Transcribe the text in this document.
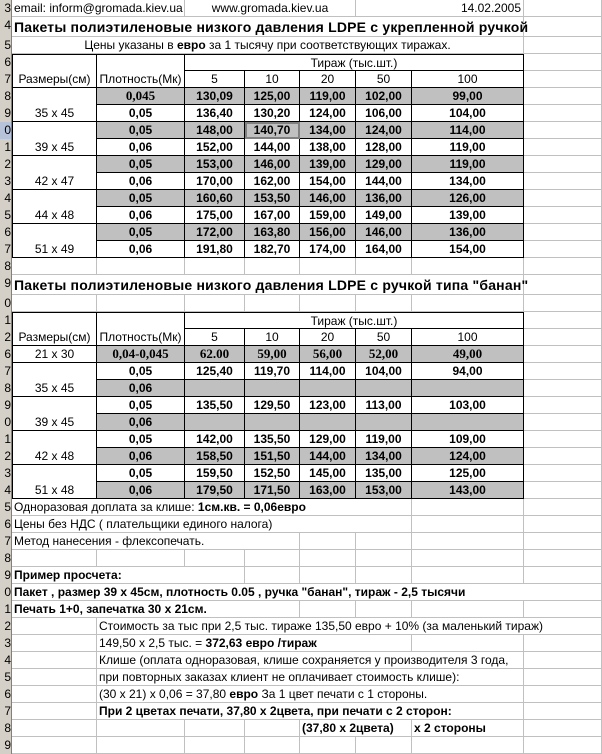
3 email: inform@gromada.kiev.ua	www.gromada.kiev.ua	14.02.2005
4 Пакеты полиэтиленовые низкого давления LDPE с укрепленной ручкой
5	Цены указаны в евро за 1 тысячу при соответствующих тиражах.
6	Тираж (тыс.шт.)
7 Размеры(см) Плотность(Мк)	5	10	20	50	100
8	0,045	130,09	125,00	119,00	102,00	99,00
9	35 x 45	0,05	136,40	130,20	124,00	106,00	104,00
0	0,05	148,00	140,70	134,00	124,00	114,00
1	39 x 45	0,06	152,00	144,00	138,00	128,00	119,00
2	0,05	153,00	146,00	139,00	129,00	119,00
3	42 x 47	0,06	170,00	162,00	154,00	144,00	134,00
4	0,05	160,60	153,50	146,00	136,00	126,00
5	44 x 48	0,06	175,00	167,00	159,00	149,00	139,00
6	0,05	172,00	163,80	156,00	146,00	136,00
7	51 x 49	0,06	191,80	182,70	174,00	164,00	154,00
8
9 Пакеты полиэтиленовые низкого давления LDPE с ручкой типа "банан"
0
1	Тираж (тыс.шт.)
2 Размеры(см) Плотность(Мк)	5	10	20	50	100
6	21 x 30	0,04-0,045	62.00	59,00	56,00	52,00	49,00
7	0,05	125,40	119,70	114,00	104,00	94,00
8	35 x 45	0,06
9	0,05	135,50	129,50	123,00	113,00	103,00
0	39 x 45	0,06
1	0,05	142,00	135,50	129,00	119,00	109,00
2	42 x 48	0,06	158,50	151,50	144,00	134,00	124,00
3	0,05	159,50	152,50	145,00	135,00	125,00
4	51 x 48	0,06	179,50	171,50	163,00	153,00	143,00
5 Одноразовая доплата за клише: 1см.кв. = 0,06евро
6 Цены без НДС ( плательщики единого налога)
7 Метод нанесения - флексопечать.
8
9 Пример просчета:
0 Пакет , размер 39 x 45см, плотность 0.05 , ручка "банан", тираж - 2,5 тысячи
1 Печать 1+0, запечатка 30 x 21см.
2	Стоимость за тыс при 2,5 тыс. тираже 135,50 евро + 10% (за маленький тираж)
3	149,50 x 2,5 тыс. = 372,63 евро /тираж
4	Клише (оплата одноразовая, клише сохраняется у производителя 3 года,
5	при повторных заказах клиент не оплачивает стоимость клише):
6	(30 x 21) x 0,06 = 37,80 евро За 1 цвет печати с 1 стороны.
7	При 2 цветах печати, 37,80 x 2цвета, при печати с 2 сторон:
8	(37,80 x 2цвета)	x 2 стороны
9
